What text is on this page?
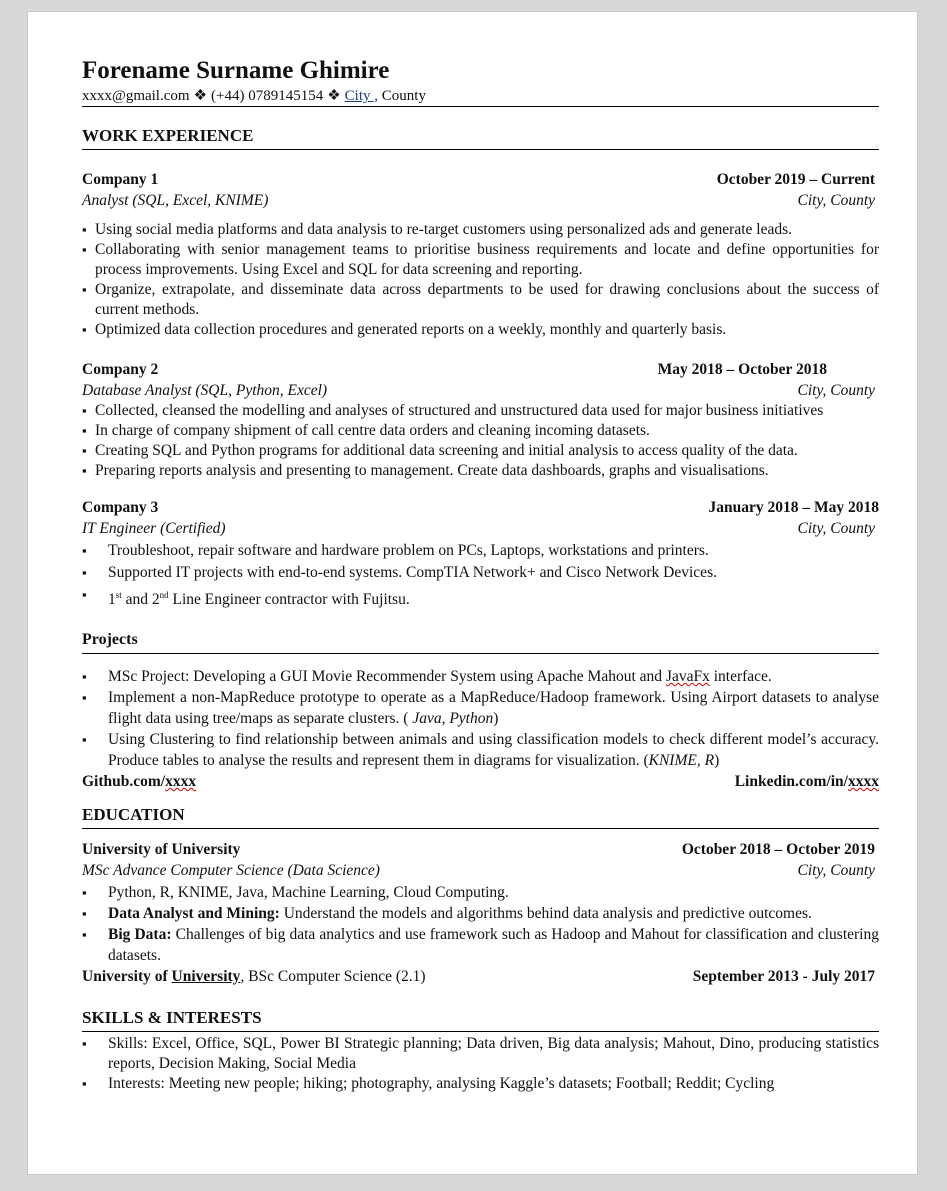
Forename Surname Ghimire
xxxx@gmail.com ❖ (+44) 0789145154 ❖ City , County
WORK EXPERIENCE
Company 1	October 2019 – Current
Analyst (SQL, Excel, KNIME)	City, County
▪ Using social media platforms and data analysis to re-target customers using personalized ads and generate leads.
▪ Collaborating with senior management teams to prioritise business requirements and locate and define opportunities for process improvements. Using Excel and SQL for data screening and reporting.
▪ Organize, extrapolate, and disseminate data across departments to be used for drawing conclusions about the success of current methods.
▪ Optimized data collection procedures and generated reports on a weekly, monthly and quarterly basis.
Company 2	May 2018 – October 2018
Database Analyst (SQL, Python, Excel)	City, County
▪ Collected, cleansed the modelling and analyses of structured and unstructured data used for major business initiatives
▪ In charge of company shipment of call centre data orders and cleaning incoming datasets.
▪ Creating SQL and Python programs for additional data screening and initial analysis to access quality of the data.
▪ Preparing reports analysis and presenting to management. Create data dashboards, graphs and visualisations.
Company 3	January 2018 – May 2018
IT Engineer (Certified)	City, County
▪ Troubleshoot, repair software and hardware problem on PCs, Laptops, workstations and printers.
▪ Supported IT projects with end-to-end systems. CompTIA Network+ and Cisco Network Devices.
▪ 1st and 2nd Line Engineer contractor with Fujitsu.
Projects
▪ MSc Project: Developing a GUI Movie Recommender System using Apache Mahout and JavaFx interface.
▪ Implement a non-MapReduce prototype to operate as a MapReduce/Hadoop framework. Using Airport datasets to analyse flight data using tree/maps as separate clusters. ( Java, Python)
▪ Using Clustering to find relationship between animals and using classification models to check different model’s accuracy. Produce tables to analyse the results and represent them in diagrams for visualization. (KNIME, R)
Github.com/xxxx	Linkedin.com/in/xxxx
EDUCATION
University of University	October 2018 – October 2019
MSc Advance Computer Science (Data Science)	City, County
▪ Python, R, KNIME, Java, Machine Learning, Cloud Computing.
▪ Data Analyst and Mining: Understand the models and algorithms behind data analysis and predictive outcomes.
▪ Big Data: Challenges of big data analytics and use framework such as Hadoop and Mahout for classification and clustering datasets.
University of University, BSc Computer Science (2.1)	September 2013 - July 2017
SKILLS & INTERESTS
▪ Skills: Excel, Office, SQL, Power BI Strategic planning; Data driven, Big data analysis; Mahout, Dino, producing statistics reports, Decision Making, Social Media
▪ Interests: Meeting new people; hiking; photography, analysing Kaggle’s datasets; Football; Reddit; Cycling
